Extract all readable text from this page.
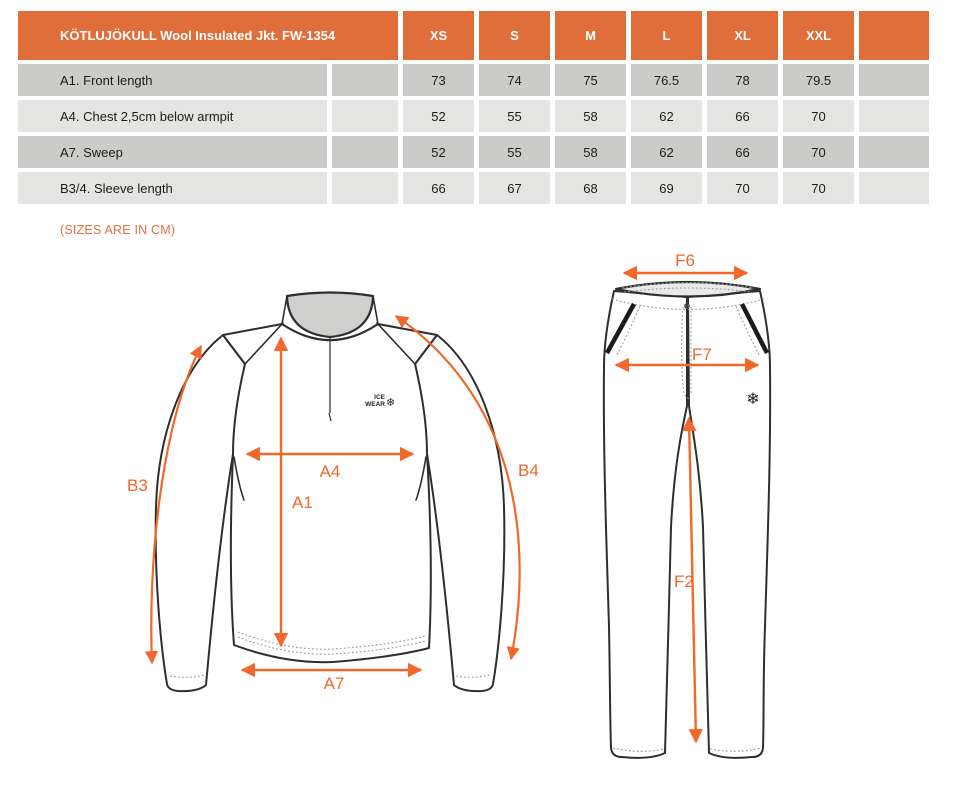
KÖTLUJÖKULL Wool Insulated Jkt. FW-1354		XS	S	M	L	XL	XXL	
A1. Front length		73	74	75	76.5	78	79.5	
A4. Chest 2,5cm below armpit		52	55	58	62	66	70	
A7. Sweep		52	55	58	62	66	70	
B3/4. Sleeve length		66	67	68	69	70	70	
(SIZES ARE IN CM)
ICE
WEAR ❄
B3
B4
A1
A4
A7
❄
F6
F7
F2
